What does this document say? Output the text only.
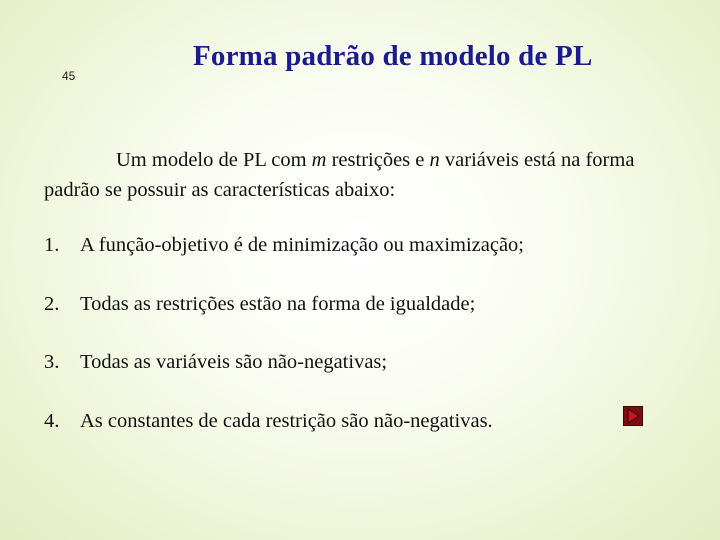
45
Forma padrão de modelo de PL

Um modelo de PL com m restrições e n variáveis está na forma padrão se possuir as características abaixo:

1. A função-objetivo é de minimização ou maximização;
2. Todas as restrições estão na forma de igualdade;
3. Todas as variáveis são não-negativas;
4. As constantes de cada restrição são não-negativas.
